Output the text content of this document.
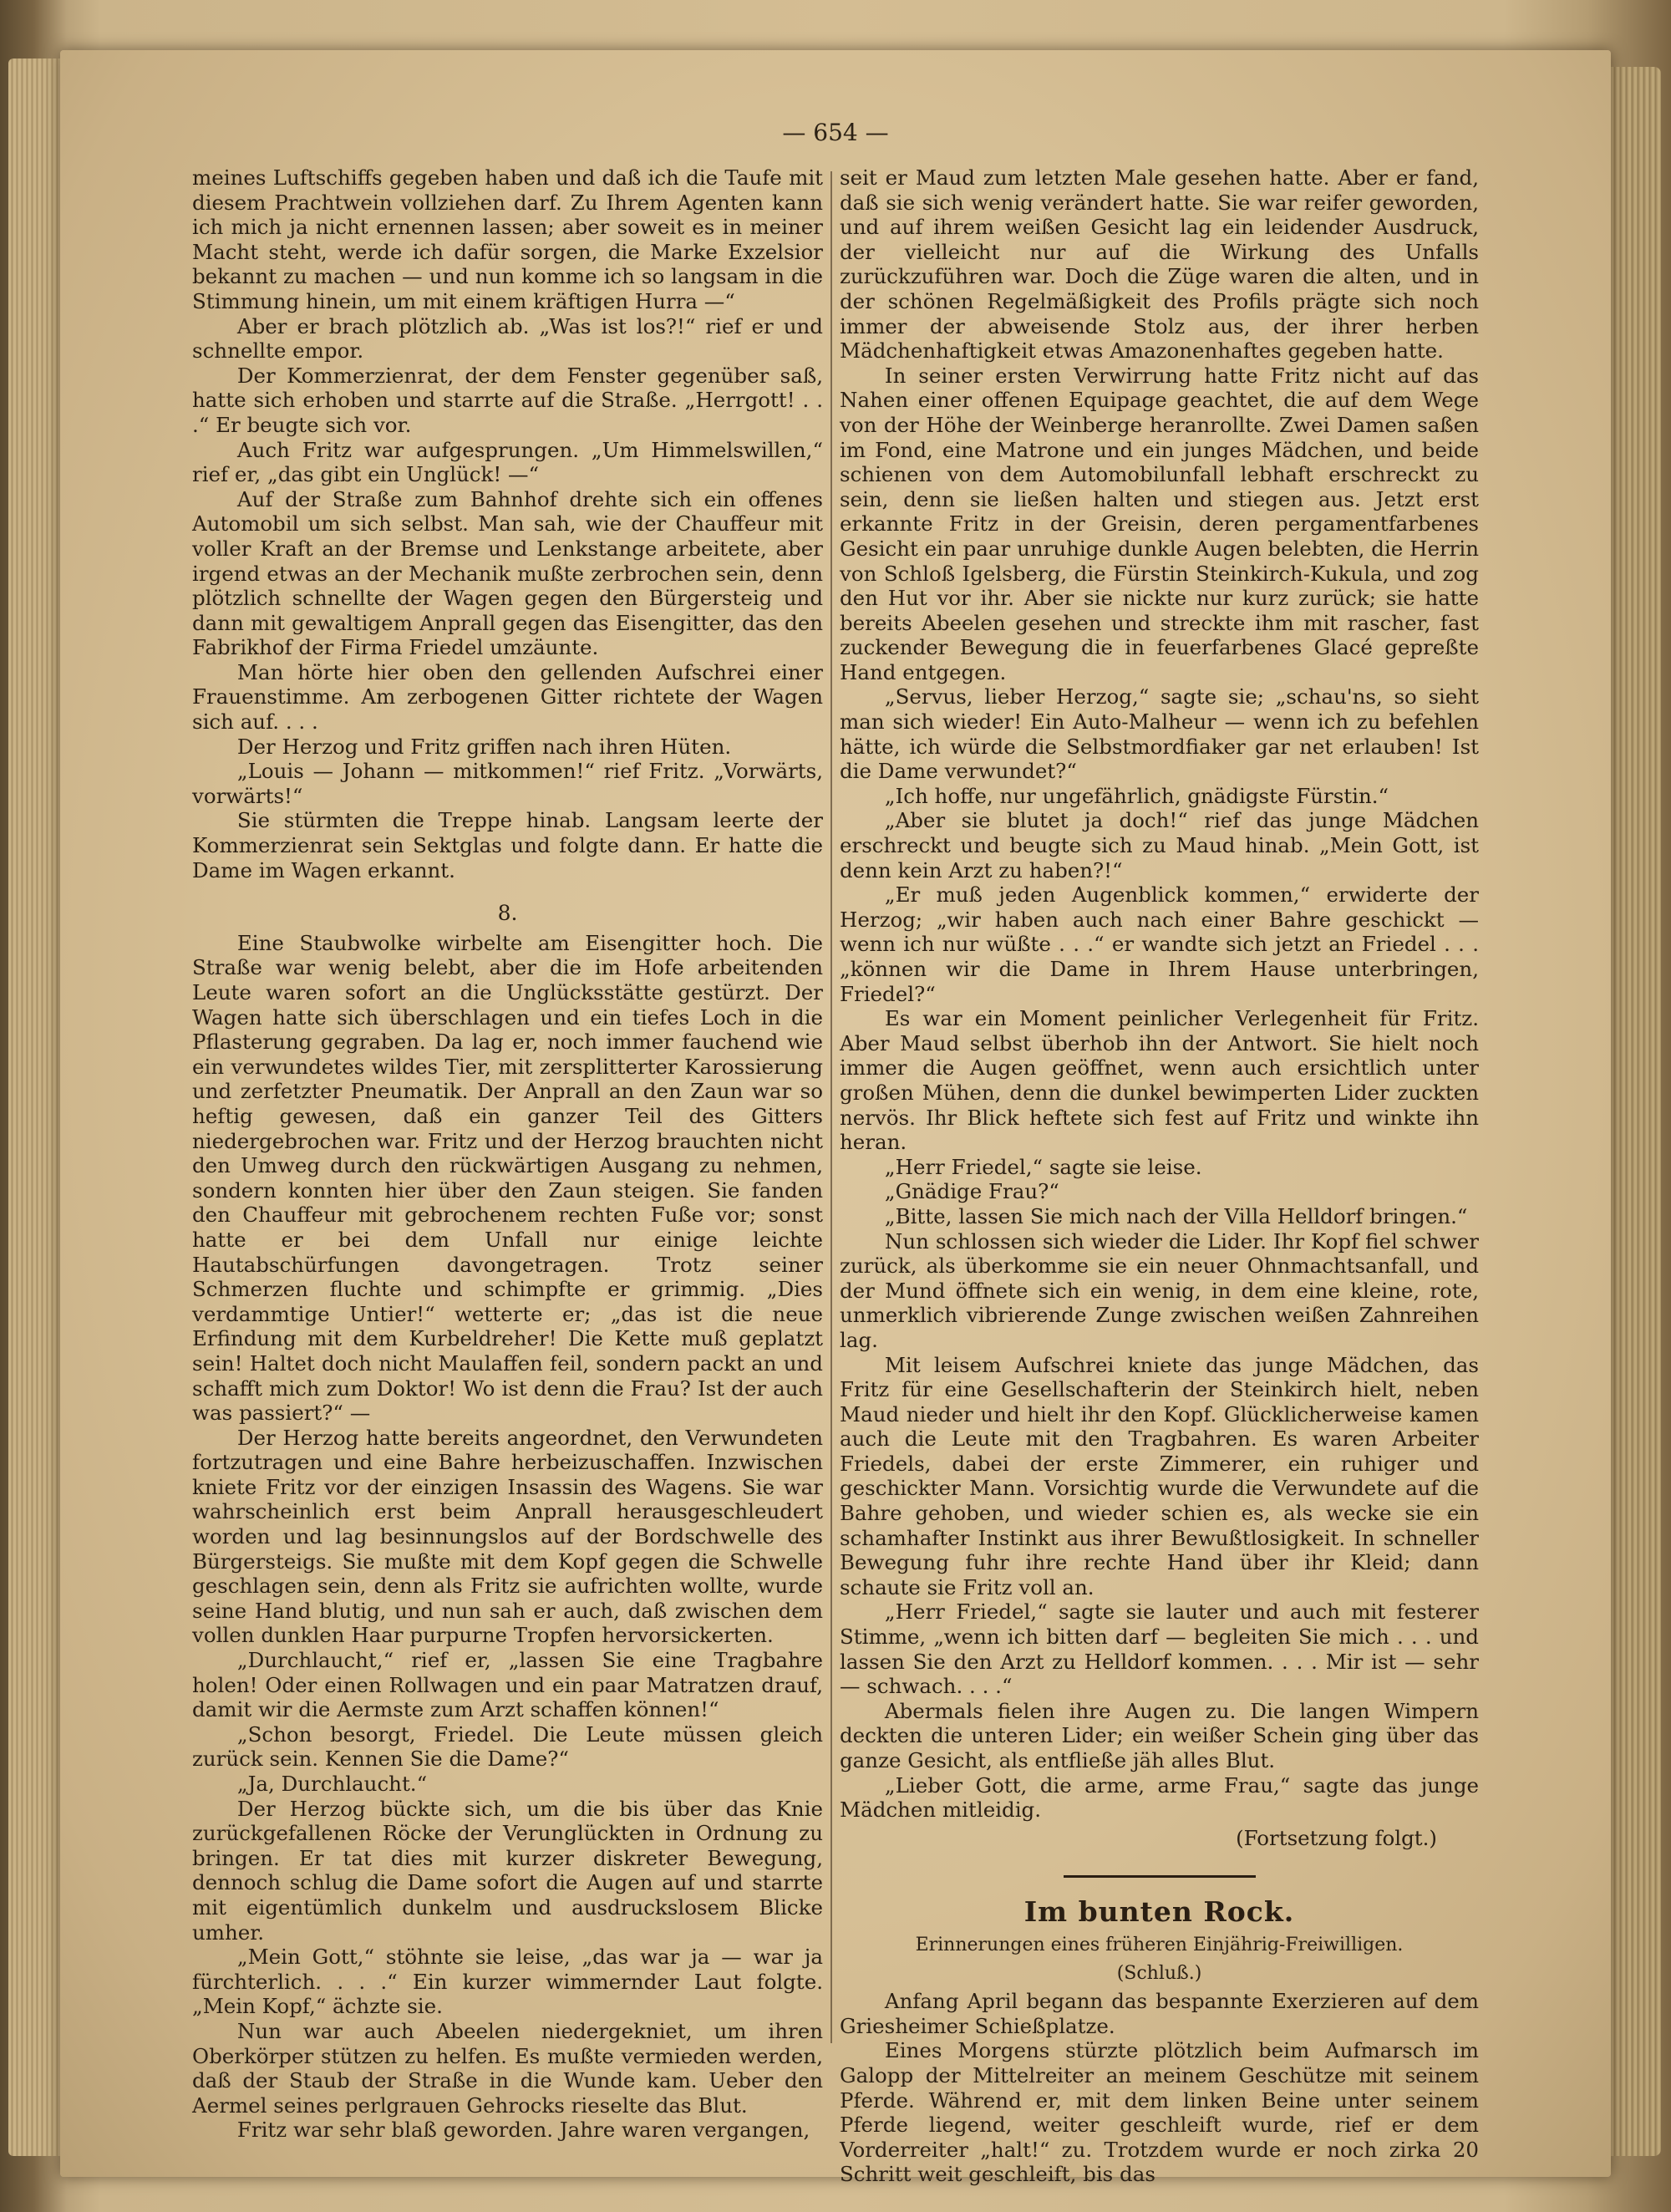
— 654 —

meines Luftschiffs gegeben haben und daß ich die Taufe mit diesem Prachtwein vollziehen darf. Zu Ihrem Agenten kann ich mich ja nicht ernennen lassen; aber soweit es in meiner Macht steht, werde ich dafür sorgen, die Marke Exzelsior bekannt zu machen — und nun komme ich so langsam in die Stimmung hinein, um mit einem kräftigen Hurra —“

Aber er brach plötzlich ab. „Was ist los?!“ rief er und schnellte empor.

Der Kommerzienrat, der dem Fenster gegenüber saß, hatte sich erhoben und starrte auf die Straße. „Herrgott! . . .“ Er beugte sich vor.

Auch Fritz war aufgesprungen. „Um Himmelswillen,“ rief er, „das gibt ein Unglück! —“

Auf der Straße zum Bahnhof drehte sich ein offenes Automobil um sich selbst. Man sah, wie der Chauffeur mit voller Kraft an der Bremse und Lenkstange arbeitete, aber irgend etwas an der Mechanik mußte zerbrochen sein, denn plötzlich schnellte der Wagen gegen den Bürgersteig und dann mit gewaltigem Anprall gegen das Eisengitter, das den Fabrikhof der Firma Friedel umzäunte.

Man hörte hier oben den gellenden Aufschrei einer Frauenstimme. Am zerbogenen Gitter richtete der Wagen sich auf. . . .

Der Herzog und Fritz griffen nach ihren Hüten.

„Louis — Johann — mitkommen!“ rief Fritz. „Vorwärts, vorwärts!“

Sie stürmten die Treppe hinab. Langsam leerte der Kommerzienrat sein Sektglas und folgte dann. Er hatte die Dame im Wagen erkannt.

8.

Eine Staubwolke wirbelte am Eisengitter hoch. Die Straße war wenig belebt, aber die im Hofe arbeitenden Leute waren sofort an die Unglücksstätte gestürzt. Der Wagen hatte sich überschlagen und ein tiefes Loch in die Pflasterung gegraben. Da lag er, noch immer fauchend wie ein verwundetes wildes Tier, mit zersplitterter Karossierung und zerfetzter Pneumatik. Der Anprall an den Zaun war so heftig gewesen, daß ein ganzer Teil des Gitters niedergebrochen war. Fritz und der Herzog brauchten nicht den Umweg durch den rückwärtigen Ausgang zu nehmen, sondern konnten hier über den Zaun steigen. Sie fanden den Chauffeur mit gebrochenem rechten Fuße vor; sonst hatte er bei dem Unfall nur einige leichte Hautabschürfungen davongetragen. Trotz seiner Schmerzen fluchte und schimpfte er grimmig. „Dies verdammtige Untier!“ wetterte er; „das ist die neue Erfindung mit dem Kurbeldreher! Die Kette muß geplatzt sein! Haltet doch nicht Maulaffen feil, sondern packt an und schafft mich zum Doktor! Wo ist denn die Frau? Ist der auch was passiert?“ —

Der Herzog hatte bereits angeordnet, den Verwundeten fortzutragen und eine Bahre herbeizuschaffen. Inzwischen kniete Fritz vor der einzigen Insassin des Wagens. Sie war wahrscheinlich erst beim Anprall herausgeschleudert worden und lag besinnungslos auf der Bordschwelle des Bürgersteigs. Sie mußte mit dem Kopf gegen die Schwelle geschlagen sein, denn als Fritz sie aufrichten wollte, wurde seine Hand blutig, und nun sah er auch, daß zwischen dem vollen dunklen Haar purpurne Tropfen hervorsickerten.

„Durchlaucht,“ rief er, „lassen Sie eine Tragbahre holen! Oder einen Rollwagen und ein paar Matratzen drauf, damit wir die Aermste zum Arzt schaffen können!“

„Schon besorgt, Friedel. Die Leute müssen gleich zurück sein. Kennen Sie die Dame?“

„Ja, Durchlaucht.“

Der Herzog bückte sich, um die bis über das Knie zurückgefallenen Röcke der Verunglückten in Ordnung zu bringen. Er tat dies mit kurzer diskreter Bewegung, dennoch schlug die Dame sofort die Augen auf und starrte mit eigentümlich dunkelm und ausdruckslosem Blicke umher.

„Mein Gott,“ stöhnte sie leise, „das war ja — war ja fürchterlich. . . .“ Ein kurzer wimmernder Laut folgte. „Mein Kopf,“ ächzte sie.

Nun war auch Abeelen niedergekniet, um ihren Oberkörper stützen zu helfen. Es mußte vermieden werden, daß der Staub der Straße in die Wunde kam. Ueber den Aermel seines perlgrauen Gehrocks rieselte das Blut.

Fritz war sehr blaß geworden. Jahre waren vergangen,

seit er Maud zum letzten Male gesehen hatte. Aber er fand, daß sie sich wenig verändert hatte. Sie war reifer geworden, und auf ihrem weißen Gesicht lag ein leidender Ausdruck, der vielleicht nur auf die Wirkung des Unfalls zurückzuführen war. Doch die Züge waren die alten, und in der schönen Regelmäßigkeit des Profils prägte sich noch immer der abweisende Stolz aus, der ihrer herben Mädchenhaftigkeit etwas Amazonenhaftes gegeben hatte.

In seiner ersten Verwirrung hatte Fritz nicht auf das Nahen einer offenen Equipage geachtet, die auf dem Wege von der Höhe der Weinberge heranrollte. Zwei Damen saßen im Fond, eine Matrone und ein junges Mädchen, und beide schienen von dem Automobilunfall lebhaft erschreckt zu sein, denn sie ließen halten und stiegen aus. Jetzt erst erkannte Fritz in der Greisin, deren pergamentfarbenes Gesicht ein paar unruhige dunkle Augen belebten, die Herrin von Schloß Igelsberg, die Fürstin Steinkirch-Kukula, und zog den Hut vor ihr. Aber sie nickte nur kurz zurück; sie hatte bereits Abeelen gesehen und streckte ihm mit rascher, fast zuckender Bewegung die in feuerfarbenes Glacé gepreßte Hand entgegen.

„Servus, lieber Herzog,“ sagte sie; „schau'ns, so sieht man sich wieder! Ein Auto-Malheur — wenn ich zu befehlen hätte, ich würde die Selbstmordfiaker gar net erlauben! Ist die Dame verwundet?“

„Ich hoffe, nur ungefährlich, gnädigste Fürstin.“

„Aber sie blutet ja doch!“ rief das junge Mädchen erschreckt und beugte sich zu Maud hinab. „Mein Gott, ist denn kein Arzt zu haben?!“

„Er muß jeden Augenblick kommen,“ erwiderte der Herzog; „wir haben auch nach einer Bahre geschickt — wenn ich nur wüßte . . .“ er wandte sich jetzt an Friedel . . . „können wir die Dame in Ihrem Hause unterbringen, Friedel?“

Es war ein Moment peinlicher Verlegenheit für Fritz. Aber Maud selbst überhob ihn der Antwort. Sie hielt noch immer die Augen geöffnet, wenn auch ersichtlich unter großen Mühen, denn die dunkel bewimperten Lider zuckten nervös. Ihr Blick heftete sich fest auf Fritz und winkte ihn heran.

„Herr Friedel,“ sagte sie leise.

„Gnädige Frau?“

„Bitte, lassen Sie mich nach der Villa Helldorf bringen.“

Nun schlossen sich wieder die Lider. Ihr Kopf fiel schwer zurück, als überkomme sie ein neuer Ohnmachtsanfall, und der Mund öffnete sich ein wenig, in dem eine kleine, rote, unmerklich vibrierende Zunge zwischen weißen Zahnreihen lag.

Mit leisem Aufschrei kniete das junge Mädchen, das Fritz für eine Gesellschafterin der Steinkirch hielt, neben Maud nieder und hielt ihr den Kopf. Glücklicherweise kamen auch die Leute mit den Tragbahren. Es waren Arbeiter Friedels, dabei der erste Zimmerer, ein ruhiger und geschickter Mann. Vorsichtig wurde die Verwundete auf die Bahre gehoben, und wieder schien es, als wecke sie ein schamhafter Instinkt aus ihrer Bewußtlosigkeit. In schneller Bewegung fuhr ihre rechte Hand über ihr Kleid; dann schaute sie Fritz voll an.

„Herr Friedel,“ sagte sie lauter und auch mit festerer Stimme, „wenn ich bitten darf — begleiten Sie mich . . . und lassen Sie den Arzt zu Helldorf kommen. . . . Mir ist — sehr — schwach. . . .“

Abermals fielen ihre Augen zu. Die langen Wimpern deckten die unteren Lider; ein weißer Schein ging über das ganze Gesicht, als entfließe jäh alles Blut.

„Lieber Gott, die arme, arme Frau,“ sagte das junge Mädchen mitleidig.

(Fortsetzung folgt.)
Im bunten Rock.
Erinnerungen eines früheren Einjährig-Freiwilligen.
(Schluß.)

Anfang April begann das bespannte Exerzieren auf dem Griesheimer Schießplatze.

Eines Morgens stürzte plötzlich beim Aufmarsch im Galopp der Mittelreiter an meinem Geschütze mit seinem Pferde. Während er, mit dem linken Beine unter seinem Pferde liegend, weiter geschleift wurde, rief er dem Vorderreiter „halt!“ zu. Trotzdem wurde er noch zirka 20 Schritt weit geschleift, bis das
